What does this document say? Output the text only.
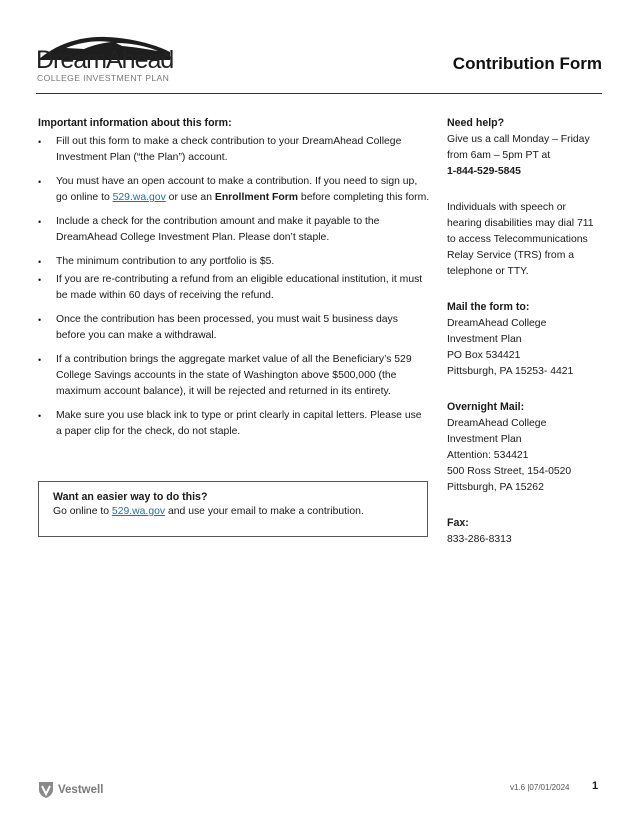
DreamAhead
COLLEGE INVESTMENT PLAN
Contribution Form
Important information about this form:
• Fill out this form to make a check contribution to your DreamAhead College Investment Plan (“the Plan”) account.
• You must have an open account to make a contribution. If you need to sign up, go online to 529.wa.gov or use an Enrollment Form before completing this form.
• Include a check for the contribution amount and make it payable to the DreamAhead College Investment Plan. Please don’t staple.
• The minimum contribution to any portfolio is $5.
• If you are re-contributing a refund from an eligible educational institution, it must be made within 60 days of receiving the refund.
• Once the contribution has been processed, you must wait 5 business days before you can make a withdrawal.
• If a contribution brings the aggregate market value of all the Beneficiary’s 529 College Savings accounts in the state of Washington above $500,000 (the maximum account balance), it will be rejected and returned in its entirety.
• Make sure you use black ink to type or print clearly in capital letters. Please use a paper clip for the check, do not staple.
Want an easier way to do this?
Go online to 529.wa.gov and use your email to make a contribution.
Need help?
Give us a call Monday – Friday
from 6am – 5pm PT at
1-844-529-5845
Individuals with speech or
hearing disabilities may dial 711
to access Telecommunications
Relay Service (TRS) from a
telephone or TTY.
Mail the form to:
DreamAhead College
Investment Plan
PO Box 534421
Pittsburgh, PA 15253- 4421
Overnight Mail:
DreamAhead College
Investment Plan
Attention: 534421
500 Ross Street, 154-0520
Pittsburgh, PA 15262
Fax:
833-286-8313
Vestwell	v1.6 |07/01/2024 1
